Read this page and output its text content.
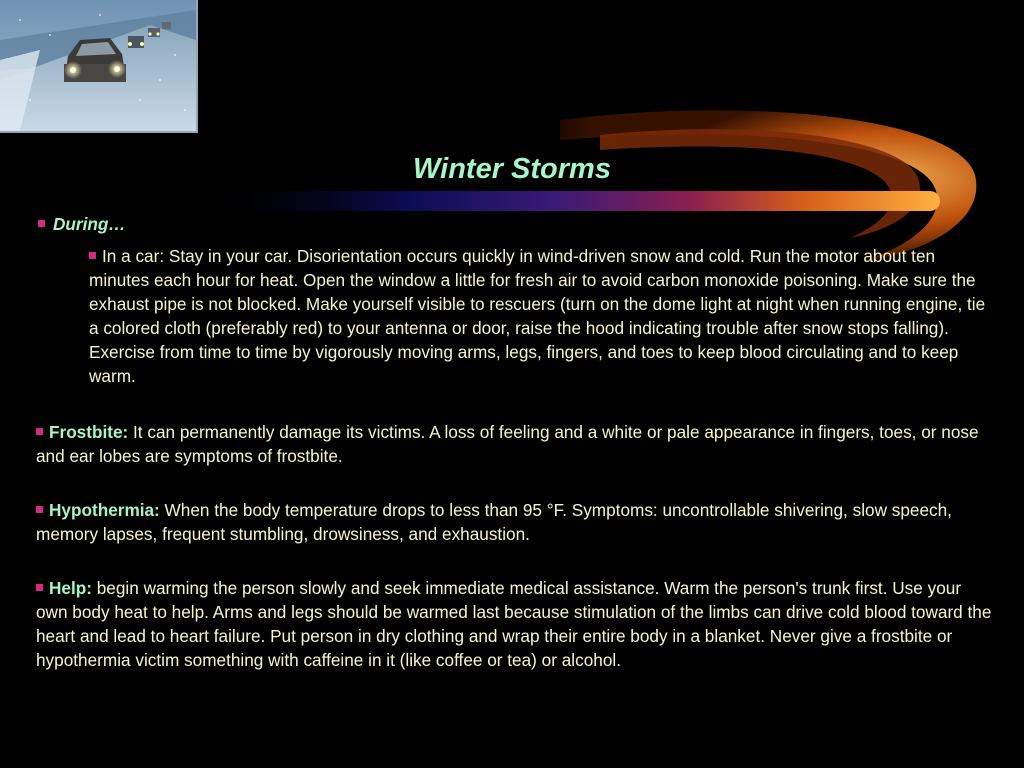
Winter Storms
During…
In a car: Stay in your car. Disorientation occurs quickly in wind-driven snow and cold. Run the motor about ten minutes each hour for heat. Open the window a little for fresh air to avoid carbon monoxide poisoning. Make sure the exhaust pipe is not blocked. Make yourself visible to rescuers (turn on the dome light at night when running engine, tie a colored cloth (preferably red) to your antenna or door, raise the hood indicating trouble after snow stops falling). Exercise from time to time by vigorously moving arms, legs, fingers, and toes to keep blood circulating and to keep warm.
Frostbite: It can permanently damage its victims. A loss of feeling and a white or pale appearance in fingers, toes, or nose and ear lobes are symptoms of frostbite.
Hypothermia: When the body temperature drops to less than 95 °F. Symptoms: uncontrollable shivering, slow speech, memory lapses, frequent stumbling, drowsiness, and exhaustion.
Help: begin warming the person slowly and seek immediate medical assistance. Warm the person's trunk first. Use your own body heat to help. Arms and legs should be warmed last because stimulation of the limbs can drive cold blood toward the heart and lead to heart failure. Put person in dry clothing and wrap their entire body in a blanket. Never give a frostbite or hypothermia victim something with caffeine in it (like coffee or tea) or alcohol.
